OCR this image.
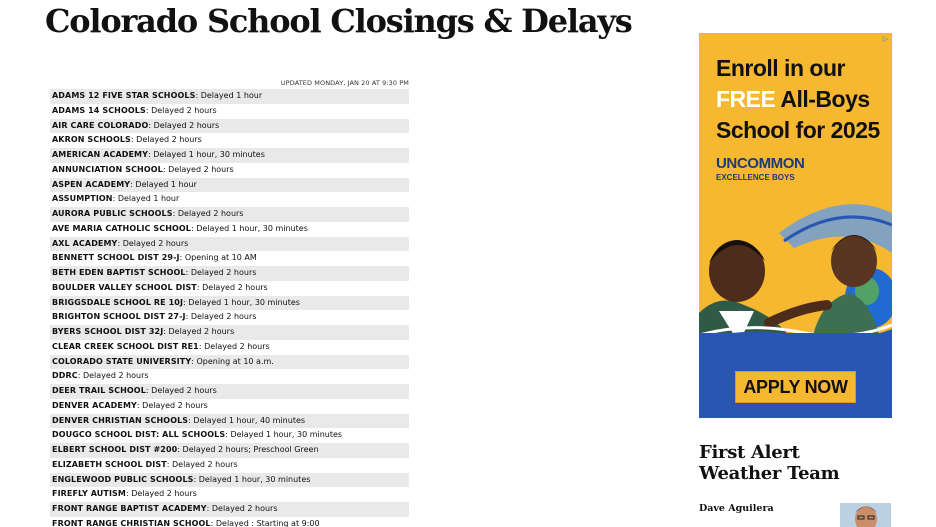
Colorado School Closings & Delays
UPDATED MONDAY, JAN 20 AT 9:30 PM
ADAMS 12 FIVE STAR SCHOOLS: Delayed 1 hour
ADAMS 14 SCHOOLS: Delayed 2 hours
AIR CARE COLORADO: Delayed 2 hours
AKRON SCHOOLS: Delayed 2 hours
AMERICAN ACADEMY: Delayed 1 hour, 30 minutes
ANNUNCIATION SCHOOL: Delayed 2 hours
ASPEN ACADEMY: Delayed 1 hour
ASSUMPTION: Delayed 1 hour
AURORA PUBLIC SCHOOLS: Delayed 2 hours
AVE MARIA CATHOLIC SCHOOL: Delayed 1 hour, 30 minutes
AXL ACADEMY: Delayed 2 hours
BENNETT SCHOOL DIST 29-J: Opening at 10 AM
BETH EDEN BAPTIST SCHOOL: Delayed 2 hours
BOULDER VALLEY SCHOOL DIST: Delayed 2 hours
BRIGGSDALE SCHOOL RE 10J: Delayed 1 hour, 30 minutes
BRIGHTON SCHOOL DIST 27-J: Delayed 2 hours
BYERS SCHOOL DIST 32J: Delayed 2 hours
CLEAR CREEK SCHOOL DIST RE1: Delayed 2 hours
COLORADO STATE UNIVERSITY: Opening at 10 a.m.
DDRC: Delayed 2 hours
DEER TRAIL SCHOOL: Delayed 2 hours
DENVER ACADEMY: Delayed 2 hours
DENVER CHRISTIAN SCHOOLS: Delayed 1 hour, 40 minutes
DOUGCO SCHOOL DIST: ALL SCHOOLS: Delayed 1 hour, 30 minutes
ELBERT SCHOOL DIST #200: Delayed 2 hours; Preschool Green
ELIZABETH SCHOOL DIST: Delayed 2 hours
ENGLEWOOD PUBLIC SCHOOLS: Delayed 1 hour, 30 minutes
FIREFLY AUTISM: Delayed 2 hours
FRONT RANGE BAPTIST ACADEMY: Delayed 2 hours
FRONT RANGE CHRISTIAN SCHOOL: Delayed : Starting at 9:00
▷
Enroll in our
FREE All-Boys
School for 2025
UNCOMMON
EXCELLENCE BOYS
APPLY NOW
First Alert
Weather Team
Dave Aguilera
